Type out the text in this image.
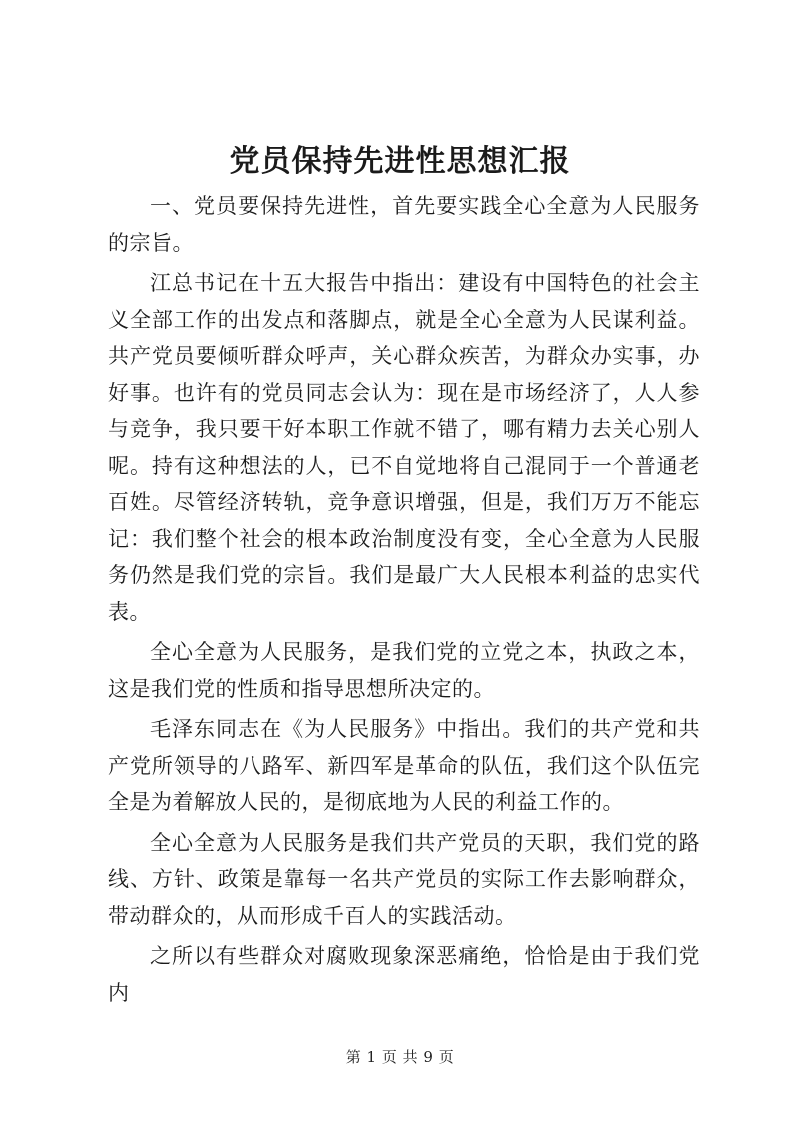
党员保持先进性思想汇报

一、党员要保持先进性，首先要实践全心全意为人民服务的宗旨。

江总书记在十五大报告中指出：建设有中国特色的社会主义全部工作的出发点和落脚点，就是全心全意为人民谋利益。共产党员要倾听群众呼声，关心群众疾苦，为群众办实事，办好事。也许有的党员同志会认为：现在是市场经济了，人人参与竞争，我只要干好本职工作就不错了，哪有精力去关心别人呢。持有这种想法的人，已不自觉地将自己混同于一个普通老百姓。尽管经济转轨，竞争意识增强，但是，我们万万不能忘记：我们整个社会的根本政治制度没有变，全心全意为人民服务仍然是我们党的宗旨。我们是最广大人民根本利益的忠实代表。

全心全意为人民服务，是我们党的立党之本，执政之本，这是我们党的性质和指导思想所决定的。

毛泽东同志在《为人民服务》中指出。我们的共产党和共产党所领导的八路军、新四军是革命的队伍，我们这个队伍完全是为着解放人民的，是彻底地为人民的利益工作的。

全心全意为人民服务是我们共产党员的天职，我们党的路线、方针、政策是靠每一名共产党员的实际工作去影响群众，带动群众的，从而形成千百人的实践活动。

之所以有些群众对腐败现象深恶痛绝，恰恰是由于我们党内

第 1 页 共 9 页
